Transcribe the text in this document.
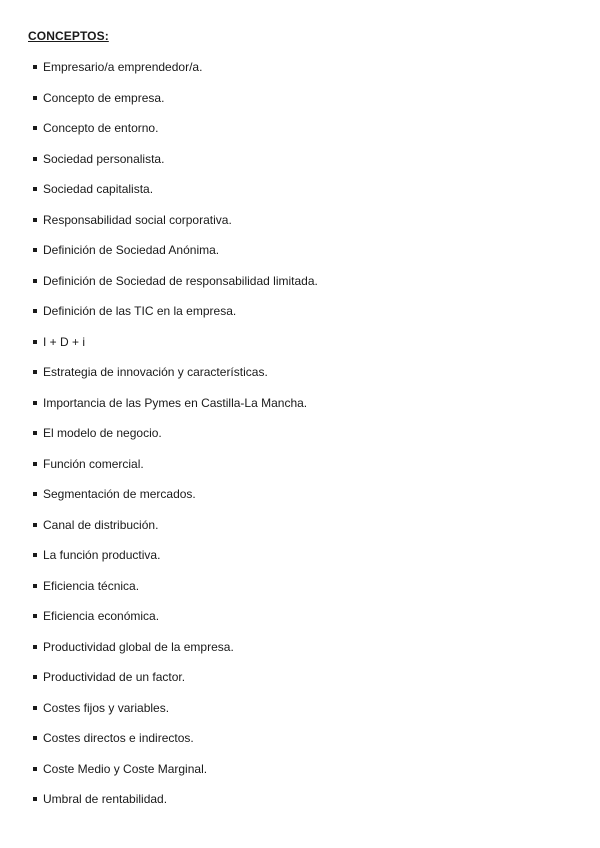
CONCEPTOS:
Empresario/a emprendedor/a.
Concepto de empresa.
Concepto de entorno.
Sociedad personalista.
Sociedad capitalista.
Responsabilidad social corporativa.
Definición de Sociedad Anónima.
Definición de Sociedad de responsabilidad limitada.
Definición de las TIC en la empresa.
I + D + i
Estrategia de innovación y características.
Importancia de las Pymes en Castilla-La Mancha.
El modelo de negocio.
Función comercial.
Segmentación de mercados.
Canal de distribución.
La función productiva.
Eficiencia técnica.
Eficiencia económica.
Productividad global de la empresa.
Productividad de un factor.
Costes fijos y variables.
Costes directos e indirectos.
Coste Medio y Coste Marginal.
Umbral de rentabilidad.
